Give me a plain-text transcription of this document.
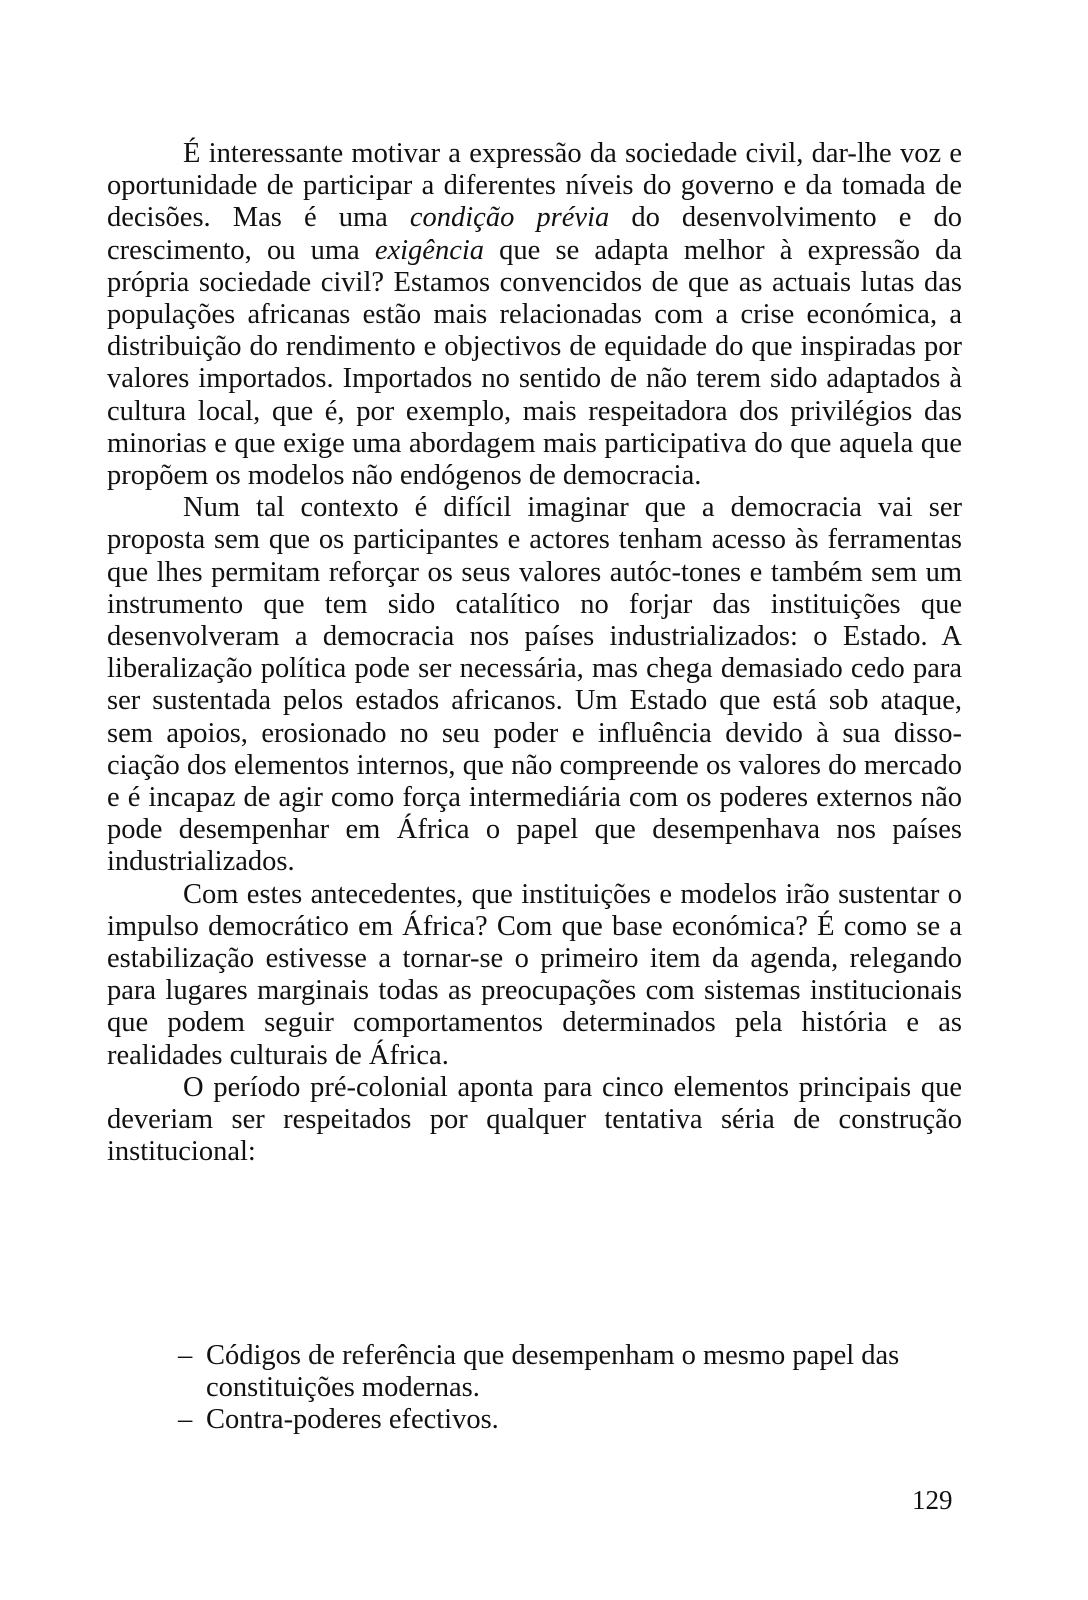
É interessante motivar a expressão da sociedade civil, dar-lhe voz e oportunidade de participar a diferentes níveis do governo e da tomada de decisões. Mas é uma condição prévia do desenvolvimento e do crescimento, ou uma exigência que se adapta melhor à expressão da própria sociedade civil? Estamos convencidos de que as actuais lutas das populações africanas estão mais relacionadas com a crise económica, a distribuição do rendimento e objectivos de equidade do que inspiradas por valores importados. Importados no sentido de não terem sido adaptados à cultura local, que é, por exemplo, mais respeitadora dos privilégios das minorias e que exige uma abordagem mais participativa do que aquela que propõem os modelos não endógenos de democracia.

Num tal contexto é difícil imaginar que a democracia vai ser proposta sem que os participantes e actores tenham acesso às ferramentas que lhes permitam reforçar os seus valores autóc-tones e também sem um instrumento que tem sido catalítico no forjar das instituições que desenvolveram a democracia nos países industrializados: o Estado. A liberalização política pode ser necessária, mas chega demasiado cedo para ser sustentada pelos estados africanos. Um Estado que está sob ataque, sem apoios, erosionado no seu poder e influência devido à sua disso-ciação dos elementos internos, que não compreende os valores do mercado e é incapaz de agir como força intermediária com os poderes externos não pode desempenhar em África o papel que desempenhava nos países industrializados.

Com estes antecedentes, que instituições e modelos irão sustentar o impulso democrático em África? Com que base económica? É como se a estabilização estivesse a tornar-se o primeiro item da agenda, relegando para lugares marginais todas as preocupações com sistemas institucionais que podem seguir comportamentos determinados pela história e as realidades culturais de África.

O período pré-colonial aponta para cinco elementos principais que deveriam ser respeitados por qualquer tentativa séria de construção institucional:

– Códigos de referência que desempenham o mesmo papel das constituições modernas.
– Contra-poderes efectivos.
129
